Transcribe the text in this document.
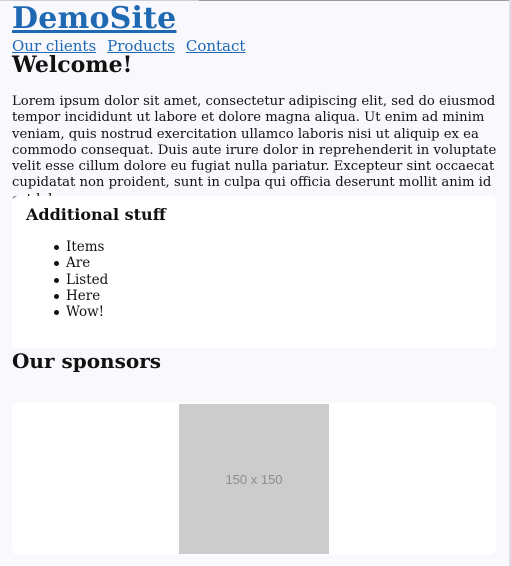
DemoSite
Our clients Products Contact
Welcome!

Lorem ipsum dolor sit amet, consectetur adipiscing elit, sed do eiusmod tempor incididunt ut labore et dolore magna aliqua. Ut enim ad minim veniam, quis nostrud exercitation ullamco laboris nisi ut aliquip ex ea commodo consequat. Duis aute irure dolor in reprehenderit in voluptate velit esse cillum dolore eu fugiat nulla pariatur. Excepteur sint occaecat cupidatat non proident, sunt in culpa qui officia deserunt mollit anim id

Additional stuff
Items
Are
Listed
Here
Wow!
Our sponsors
150 x 150
